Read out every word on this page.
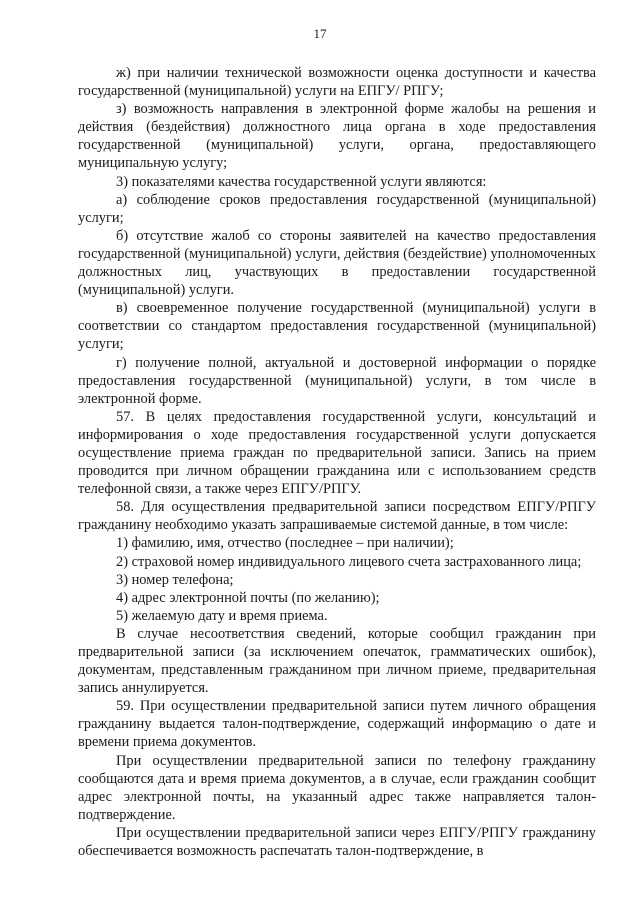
17

ж) при наличии технической возможности оценка доступности и качества государственной (муниципальной) услуги на ЕПГУ/ РПГУ;

з) возможность направления в электронной форме жалобы на решения и действия (бездействия) должностного лица органа в ходе предоставления государственной (муниципальной) услуги, органа, предоставляющего муниципальную услугу;

3) показателями качества государственной услуги являются:

а) соблюдение сроков предоставления государственной (муниципальной) услуги;

б) отсутствие жалоб со стороны заявителей на качество предоставления государственной (муниципальной) услуги, действия (бездействие) уполномоченных должностных лиц, участвующих в предоставлении государственной (муниципальной) услуги.

в) своевременное получение государственной (муниципальной) услуги в соответствии со стандартом предоставления государственной (муниципальной) услуги;

г) получение полной, актуальной и достоверной информации о порядке предоставления государственной (муниципальной) услуги, в том числе в электронной форме.

57. В целях предоставления государственной услуги, консультаций и информирования о ходе предоставления государственной услуги допускается осуществление приема граждан по предварительной записи. Запись на прием проводится при личном обращении гражданина или с использованием средств телефонной связи, а также через ЕПГУ/РПГУ.

58. Для осуществления предварительной записи посредством ЕПГУ/РПГУ гражданину необходимо указать запрашиваемые системой данные, в том числе:

1) фамилию, имя, отчество (последнее – при наличии);

2) страховой номер индивидуального лицевого счета застрахованного лица;

3) номер телефона;

4) адрес электронной почты (по желанию);

5) желаемую дату и время приема.

В случае несоответствия сведений, которые сообщил гражданин при предварительной записи (за исключением опечаток, грамматических ошибок), документам, представленным гражданином при личном приеме, предварительная запись аннулируется.

59. При осуществлении предварительной записи путем личного обращения гражданину выдается талон-подтверждение, содержащий информацию о дате и времени приема документов.

При осуществлении предварительной записи по телефону гражданину сообщаются дата и время приема документов, а в случае, если гражданин сообщит адрес электронной почты, на указанный адрес также направляется талон-подтверждение.

При осуществлении предварительной записи через ЕПГУ/РПГУ гражданину обеспечивается возможность распечатать талон-подтверждение, в
